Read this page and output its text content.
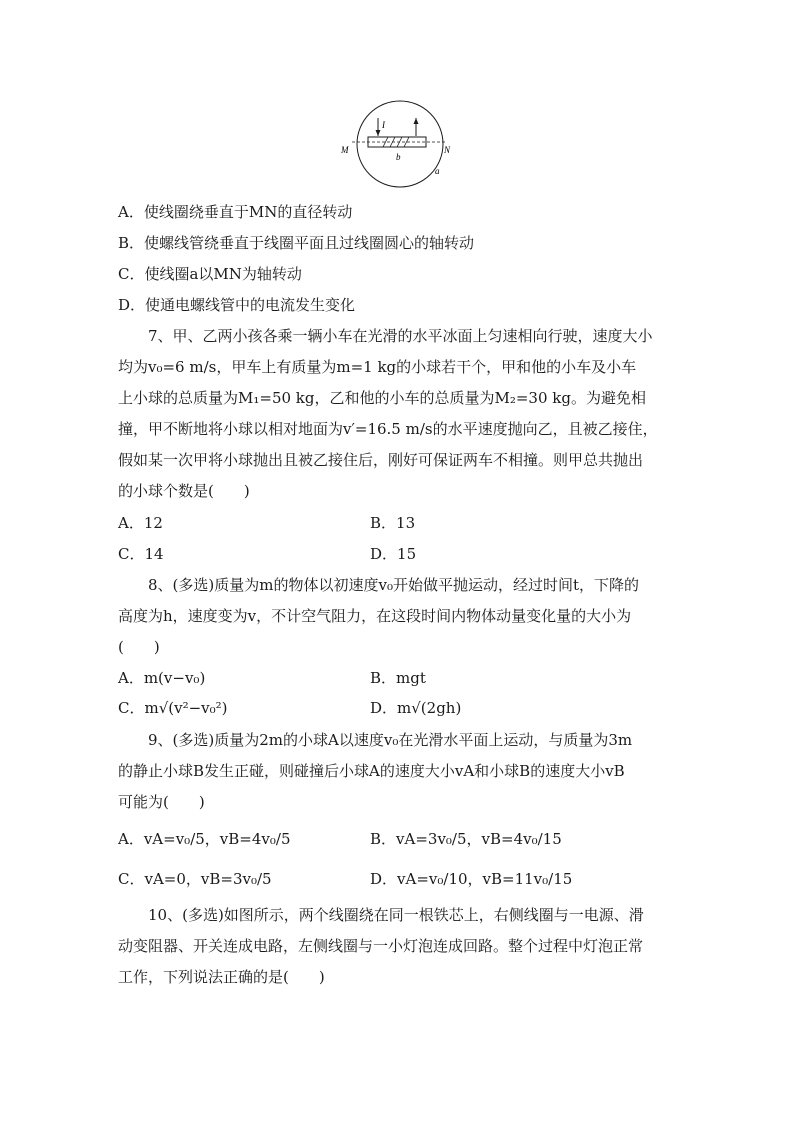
I
M	N
b
a
A．使线圈绕垂直于MN的直径转动
B．使螺线管绕垂直于线圈平面且过线圈圆心的轴转动
C．使线圈a以MN为轴转动
D．使通电螺线管中的电流发生变化
7、甲、乙两小孩各乘一辆小车在光滑的水平冰面上匀速相向行驶，速度大小
均为v₀=6 m/s，甲车上有质量为m=1 kg的小球若干个，甲和他的小车及小车
上小球的总质量为M₁=50 kg，乙和他的小车的总质量为M₂=30 kg。为避免相
撞，甲不断地将小球以相对地面为v′=16.5 m/s的水平速度抛向乙，且被乙接住，
假如某一次甲将小球抛出且被乙接住后，刚好可保证两车不相撞。则甲总共抛出
的小球个数是(　　)
A．12	B．13
C．14	D．15
8、(多选)质量为m的物体以初速度v₀开始做平抛运动，经过时间t，下降的
高度为h，速度变为v，不计空气阻力，在这段时间内物体动量变化量的大小为
(　　)
A．m(v−v₀)	B．mgt
C．m√(v²−v₀²)	D．m√(2gh)
9、(多选)质量为2m的小球A以速度v₀在光滑水平面上运动，与质量为3m
的静止小球B发生正碰，则碰撞后小球A的速度大小vA和小球B的速度大小vB
可能为(　　)
A．vA=v₀/5，vB=4v₀/5	B．vA=3v₀/5，vB=4v₀/15
C．vA=0，vB=3v₀/5	D．vA=v₀/10，vB=11v₀/15
10、(多选)如图所示，两个线圈绕在同一根铁芯上，右侧线圈与一电源、滑
动变阻器、开关连成电路，左侧线圈与一小灯泡连成回路。整个过程中灯泡正常
工作，下列说法正确的是(　　)
